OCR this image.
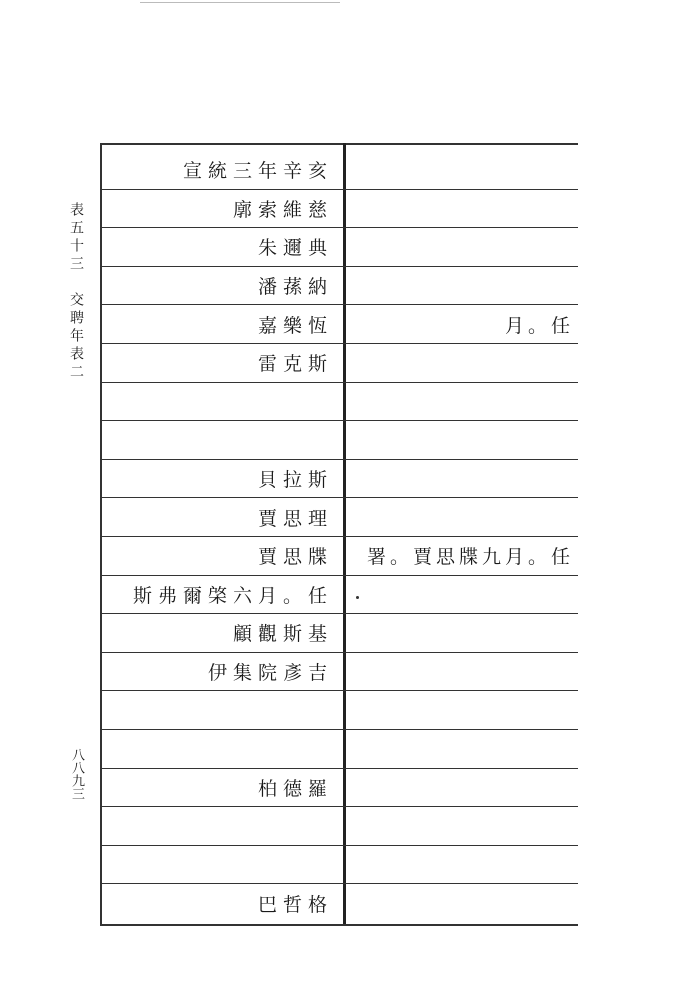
表五十三　交聘年表二
八八九三
宣統三年辛亥
廓索維慈
朱邇典
潘蓀納
嘉樂恆	月。任
雷克斯
貝拉斯
賈思理
賈思牒	署。賈思牒九月。任
斯弗爾棨六月。任
顧觀斯基
伊集院彥吉
柏德羅
巴哲格
